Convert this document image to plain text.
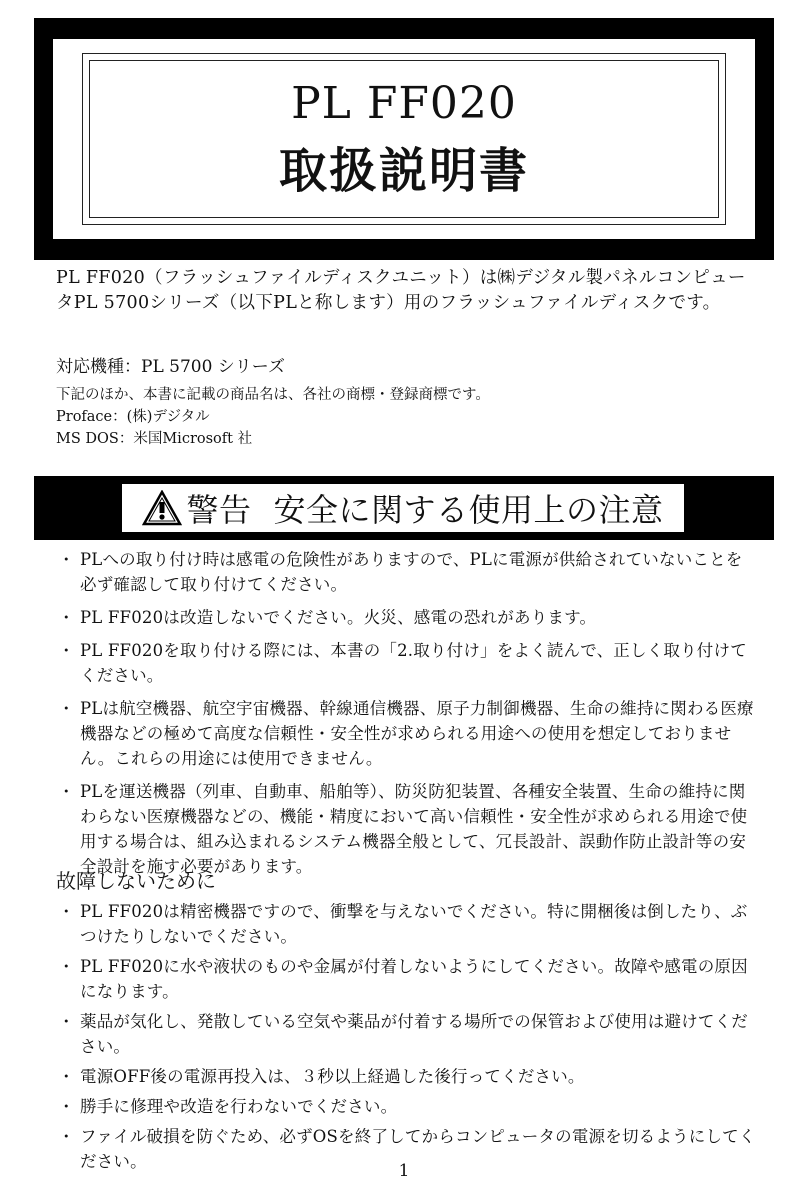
PL FF020
取扱説明書

PL FF020（フラッシュファイルディスクユニット）は㈱デジタル製パネルコンピュータPL 5700シリーズ（以下PLと称します）用のフラッシュファイルディスクです。

対応機種：PL 5700 シリーズ
下記のほか、本書に記載の商品名は、各社の商標・登録商標です。
Proface：(株)デジタル
MS DOS：米国Microsoft 社
警告 安全に関する使用上の注意
・ PLへの取り付け時は感電の危険性がありますので、PLに電源が供給されていないことを必ず確認して取り付けてください。
・ PL FF020は改造しないでください。火災、感電の恐れがあります。
・ PL FF020を取り付ける際には、本書の「2.取り付け」をよく読んで、正しく取り付けてください。
・ PLは航空機器、航空宇宙機器、幹線通信機器、原子力制御機器、生命の維持に関わる医療機器などの極めて高度な信頼性・安全性が求められる用途への使用を想定しておりません。これらの用途には使用できません。
・ PLを運送機器（列車、自動車、船舶等）、防災防犯装置、各種安全装置、生命の維持に関わらない医療機器などの、機能・精度において高い信頼性・安全性が求められる用途で使用する場合は、組み込まれるシステム機器全般として、冗長設計、誤動作防止設計等の安全設計を施す必要があります。
故障しないために
・ PL FF020は精密機器ですので、衝撃を与えないでください。特に開梱後は倒したり、ぶつけたりしないでください。
・ PL FF020に水や液状のものや金属が付着しないようにしてください。故障や感電の原因になります。
・ 薬品が気化し、発散している空気や薬品が付着する場所での保管および使用は避けてください。
・ 電源OFF後の電源再投入は、３秒以上経過した後行ってください。
・ 勝手に修理や改造を行わないでください。
・ ファイル破損を防ぐため、必ずOSを終了してからコンピュータの電源を切るようにしてください。	1
